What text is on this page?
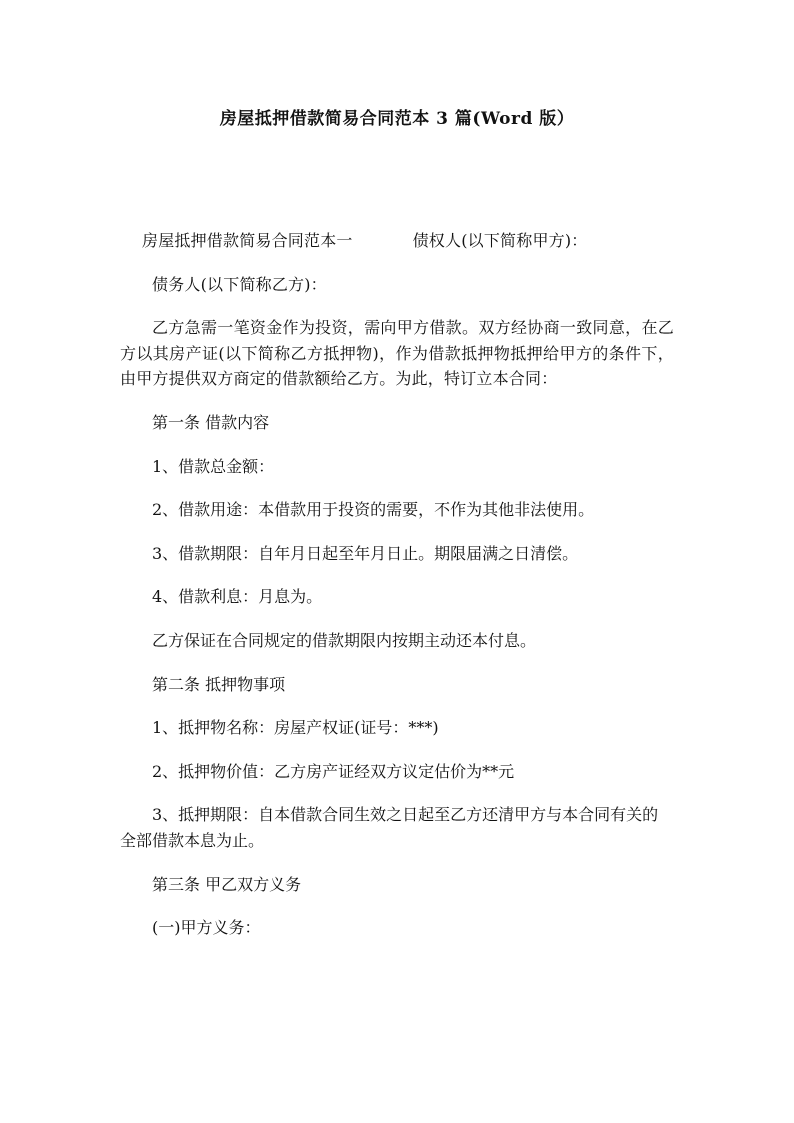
房屋抵押借款简易合同范本 3 篇(Word 版）
房屋抵押借款简易合同范本一	债权人(以下简称甲方)：

债务人(以下简称乙方)：

乙方急需一笔资金作为投资，需向甲方借款。双方经协商一致同意，在乙方以其房产证(以下简称乙方抵押物)，作为借款抵押物抵押给甲方的条件下，由甲方提供双方商定的借款额给乙方。为此，特订立本合同：

第一条 借款内容
1、借款总金额：
2、借款用途：本借款用于投资的需要，不作为其他非法使用。
3、借款期限：自年月日起至年月日止。期限届满之日清偿。
4、借款利息：月息为。
乙方保证在合同规定的借款期限内按期主动还本付息。
第二条 抵押物事项
1、抵押物名称：房屋产权证(证号：***)
2、抵押物价值：乙方房产证经双方议定估价为**元
3、抵押期限：自本借款合同生效之日起至乙方还清甲方与本合同有关的全部借款本息为止。
第三条 甲乙双方义务
(一)甲方义务：
